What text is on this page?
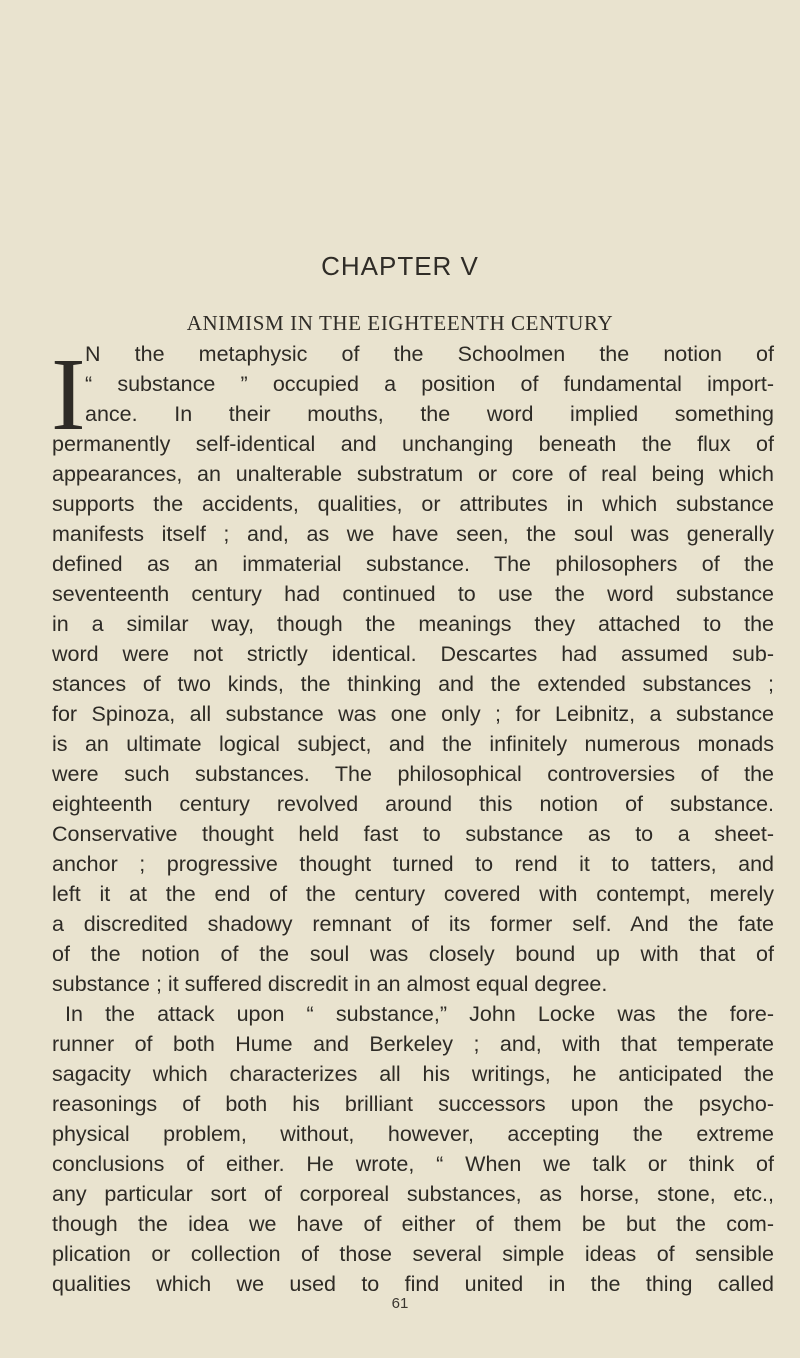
CHAPTER V
ANIMISM IN THE EIGHTEENTH CENTURY
I N the metaphysic of the Schoolmen the notion of
“ substance ” occupied a position of fundamental import-
ance. In their mouths, the word implied something
permanently self-identical and unchanging beneath the flux of
appearances, an unalterable substratum or core of real being which
supports the accidents, qualities, or attributes in which substance
manifests itself ; and, as we have seen, the soul was generally
defined as an immaterial substance. The philosophers of the
seventeenth century had continued to use the word substance
in a similar way, though the meanings they attached to the
word were not strictly identical. Descartes had assumed sub-
stances of two kinds, the thinking and the extended substances ;
for Spinoza, all substance was one only ; for Leibnitz, a substance
is an ultimate logical subject, and the infinitely numerous monads
were such substances. The philosophical controversies of the
eighteenth century revolved around this notion of substance.
Conservative thought held fast to substance as to a sheet-
anchor ; progressive thought turned to rend it to tatters, and
left it at the end of the century covered with contempt, merely
a discredited shadowy remnant of its former self. And the fate
of the notion of the soul was closely bound up with that of
substance ; it suffered discredit in an almost equal degree.
In the attack upon “ substance,” John Locke was the fore-
runner of both Hume and Berkeley ; and, with that temperate
sagacity which characterizes all his writings, he anticipated the
reasonings of both his brilliant successors upon the psycho-
physical problem, without, however, accepting the extreme
conclusions of either. He wrote, “ When we talk or think of
any particular sort of corporeal substances, as horse, stone, etc.,
though the idea we have of either of them be but the com-
plication or collection of those several simple ideas of sensible
qualities which we used to find united in the thing called
61
